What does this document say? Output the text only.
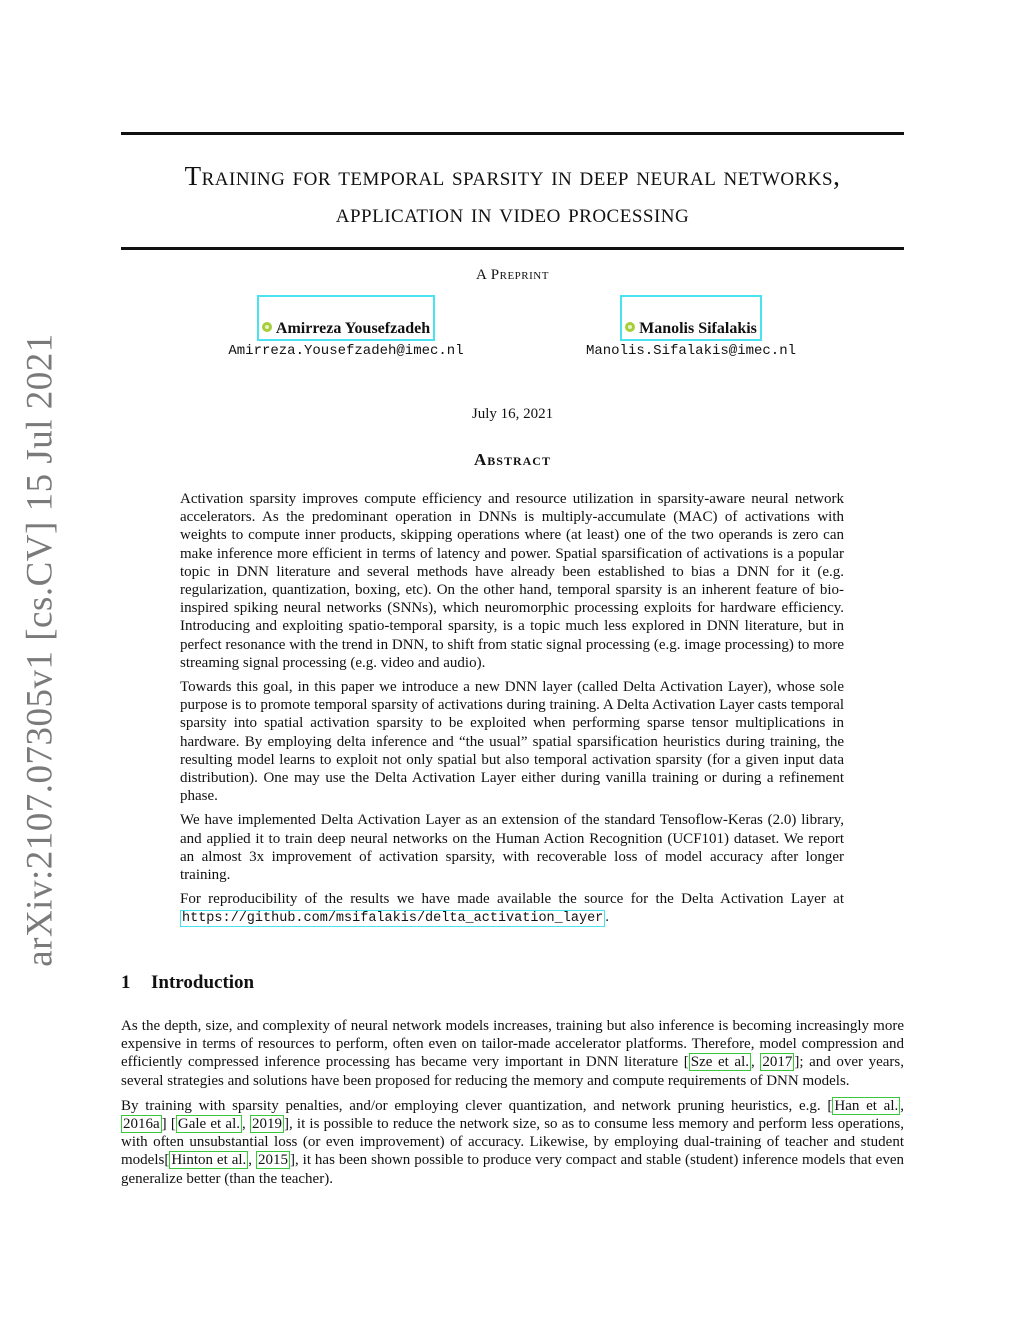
arXiv:2107.07305v1 [cs.CV] 15 Jul 2021
Training for temporal sparsity in deep neural networks, application in video processing
A Preprint
Amirreza Yousefzadeh
Amirreza.Yousefzadeh@imec.nl
Manolis Sifalakis
Manolis.Sifalakis@imec.nl
July 16, 2021
Abstract

Activation sparsity improves compute efficiency and resource utilization in sparsity-aware neural network accelerators. As the predominant operation in DNNs is multiply-accumulate (MAC) of activations with weights to compute inner products, skipping operations where (at least) one of the two operands is zero can make inference more efficient in terms of latency and power. Spatial sparsification of activations is a popular topic in DNN literature and several methods have already been established to bias a DNN for it (e.g. regularization, quantization, boxing, etc). On the other hand, temporal sparsity is an inherent feature of bio-inspired spiking neural networks (SNNs), which neuromorphic processing exploits for hardware efficiency. Introducing and exploiting spatio-temporal sparsity, is a topic much less explored in DNN literature, but in perfect resonance with the trend in DNN, to shift from static signal processing (e.g. image processing) to more streaming signal processing (e.g. video and audio).

Towards this goal, in this paper we introduce a new DNN layer (called Delta Activation Layer), whose sole purpose is to promote temporal sparsity of activations during training. A Delta Activation Layer casts temporal sparsity into spatial activation sparsity to be exploited when performing sparse tensor multiplications in hardware. By employing delta inference and “the usual” spatial sparsification heuristics during training, the resulting model learns to exploit not only spatial but also temporal activation sparsity (for a given input data distribution). One may use the Delta Activation Layer either during vanilla training or during a refinement phase.

We have implemented Delta Activation Layer as an extension of the standard Tensoflow-Keras (2.0) library, and applied it to train deep neural networks on the Human Action Recognition (UCF101) dataset. We report an almost 3x improvement of activation sparsity, with recoverable loss of model accuracy after longer training.

For reproducibility of the results we have made available the source for the Delta Activation Layer at https://github.com/msifalakis/delta_activation_layer .

1 Introduction

As the depth, size, and complexity of neural network models increases, training but also inference is becoming increasingly more expensive in terms of resources to perform, often even on tailor-made accelerator platforms. Therefore, model compression and efficiently compressed inference processing has became very important in DNN literature [ Sze et al. , 2017 ]; and over years, several strategies and solutions have been proposed for reducing the memory and compute requirements of DNN models.

By training with sparsity penalties, and/or employing clever quantization, and network pruning heuristics, e.g. [ Han et al. , 2016a ] [ Gale et al. , 2019 ], it is possible to reduce the network size, so as to consume less memory and perform less operations, with often unsubstantial loss (or even improvement) of accuracy. Likewise, by employing dual-training of teacher and student models[ Hinton et al. , 2015 ], it has been shown possible to produce very compact and stable (student) inference models that even generalize better (than the teacher).
